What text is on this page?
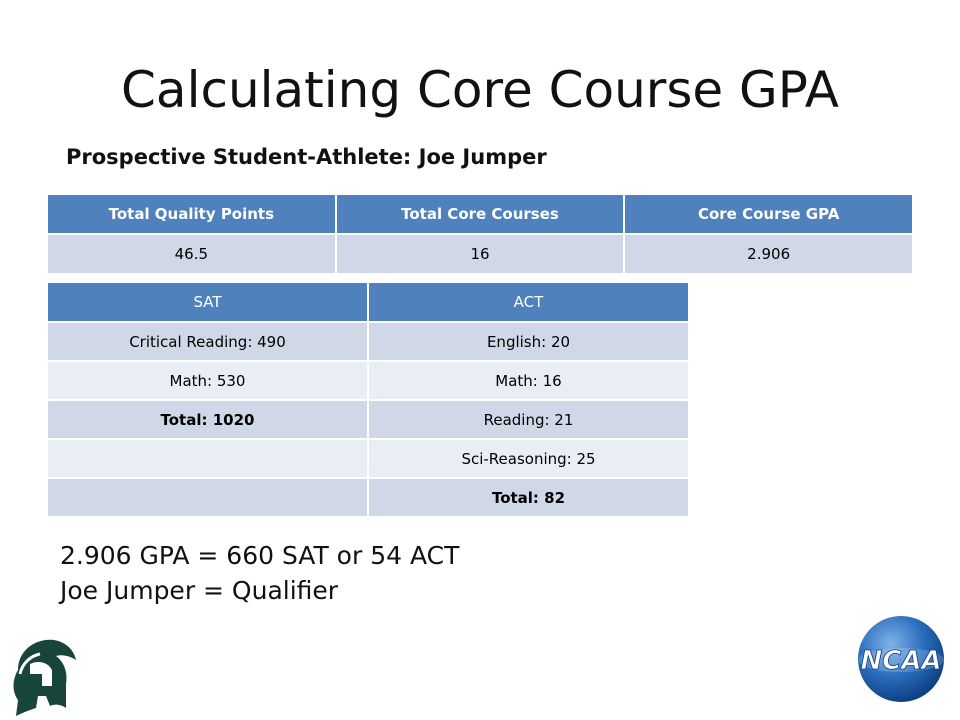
Calculating Core Course GPA
Prospective Student-Athlete: Joe Jumper
Total Quality Points	Total Core Courses	Core Course GPA
46.5	16	2.906
SAT	ACT
Critical Reading: 490	English: 20
Math: 530	Math: 16
Total: 1020	Reading: 21
	Sci-Reasoning: 25
	Total: 82
2.906 GPA = 660 SAT or 54 ACT
Joe Jumper = Qualifier
NCAA
